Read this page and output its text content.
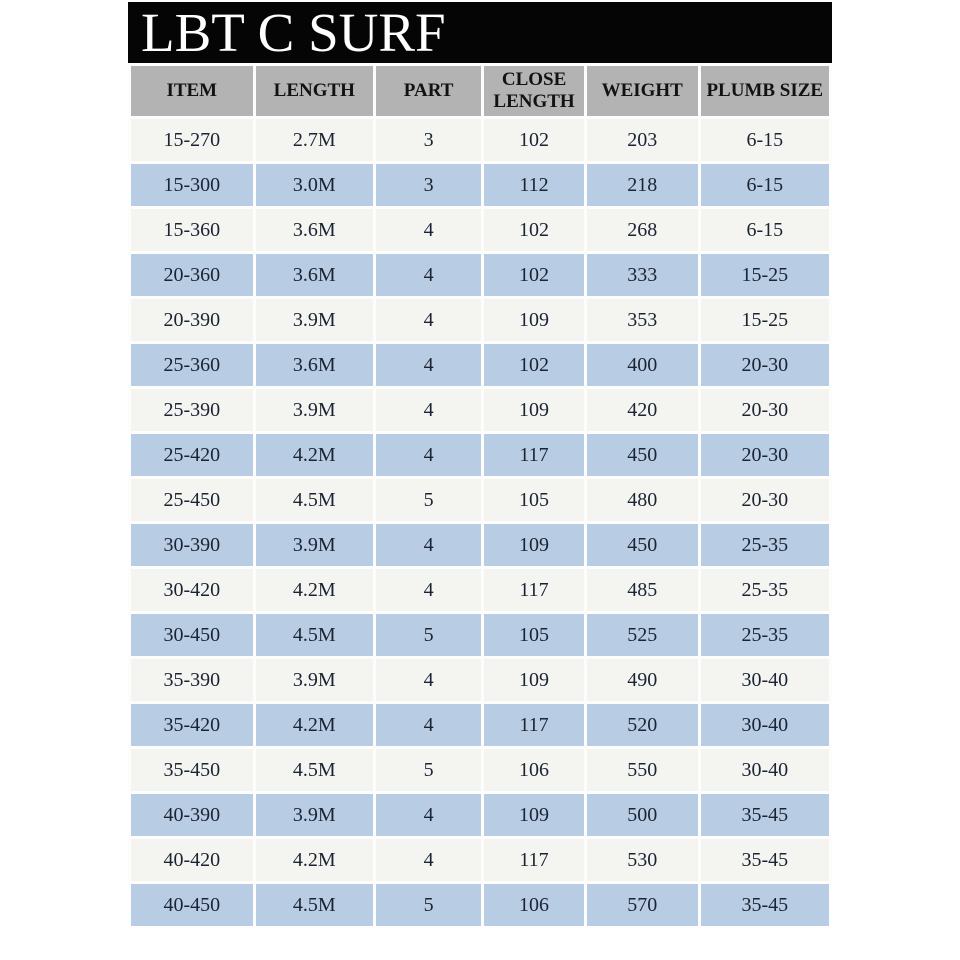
LBT C SURF
ITEM	LENGTH	PART	CLOSE LENGTH	WEIGHT	PLUMB SIZE
15-270	2.7M	3	102	203	6-15
15-300	3.0M	3	112	218	6-15
15-360	3.6M	4	102	268	6-15
20-360	3.6M	4	102	333	15-25
20-390	3.9M	4	109	353	15-25
25-360	3.6M	4	102	400	20-30
25-390	3.9M	4	109	420	20-30
25-420	4.2M	4	117	450	20-30
25-450	4.5M	5	105	480	20-30
30-390	3.9M	4	109	450	25-35
30-420	4.2M	4	117	485	25-35
30-450	4.5M	5	105	525	25-35
35-390	3.9M	4	109	490	30-40
35-420	4.2M	4	117	520	30-40
35-450	4.5M	5	106	550	30-40
40-390	3.9M	4	109	500	35-45
40-420	4.2M	4	117	530	35-45
40-450	4.5M	5	106	570	35-45
